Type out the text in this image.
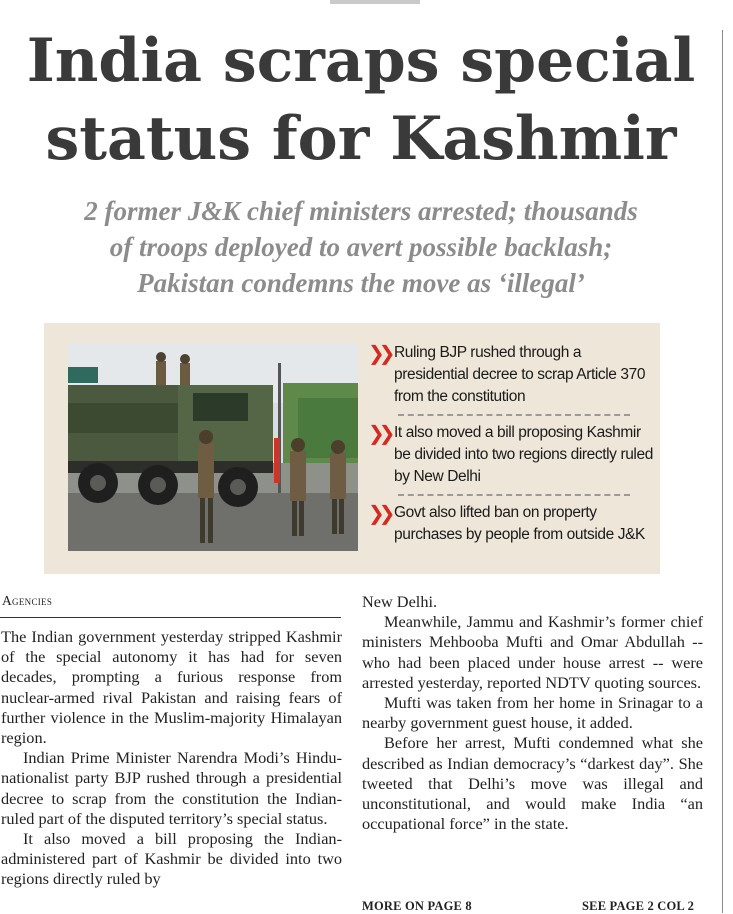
India scraps special
status for Kashmir
2 former J&K chief ministers arrested; thousands
of troops deployed to avert possible backlash;
Pakistan condemns the move as ‘illegal’
❯❯ Ruling BJP rushed through a presidential decree to scrap Article 370 from the constitution
❯❯ It also moved a bill proposing Kashmir be divided into two regions directly ruled by New Delhi
❯❯ Govt also lifted ban on property purchases by people from outside J&K
Agencies

The Indian government yesterday stripped Kashmir of the special autonomy it has had for seven decades, prompting a furious response from nuclear-armed rival Pakistan and raising fears of further violence in the Muslim-majority Himalayan region.

Indian Prime Minister Narendra Modi’s Hindu-nationalist party BJP rushed through a presidential decree to scrap from the constitution the Indian-ruled part of the disputed territory’s special status.

It also moved a bill proposing the Indian-administered part of Kashmir be divided into two regions directly ruled by

New Delhi.

Meanwhile, Jammu and Kashmir’s former chief ministers Mehbooba Mufti and Omar Abdullah -- who had been placed under house arrest -- were arrested yesterday, reported NDTV quoting sources.

Mufti was taken from her home in Srinagar to a nearby government guest house, it added.

Before her arrest, Mufti condemned what she described as Indian democracy’s “darkest day”. She tweeted that Delhi’s move was illegal and unconstitutional, and would make India “an occupational force” in the state.

MORE ON PAGE 8	SEE PAGE 2 COL 2
